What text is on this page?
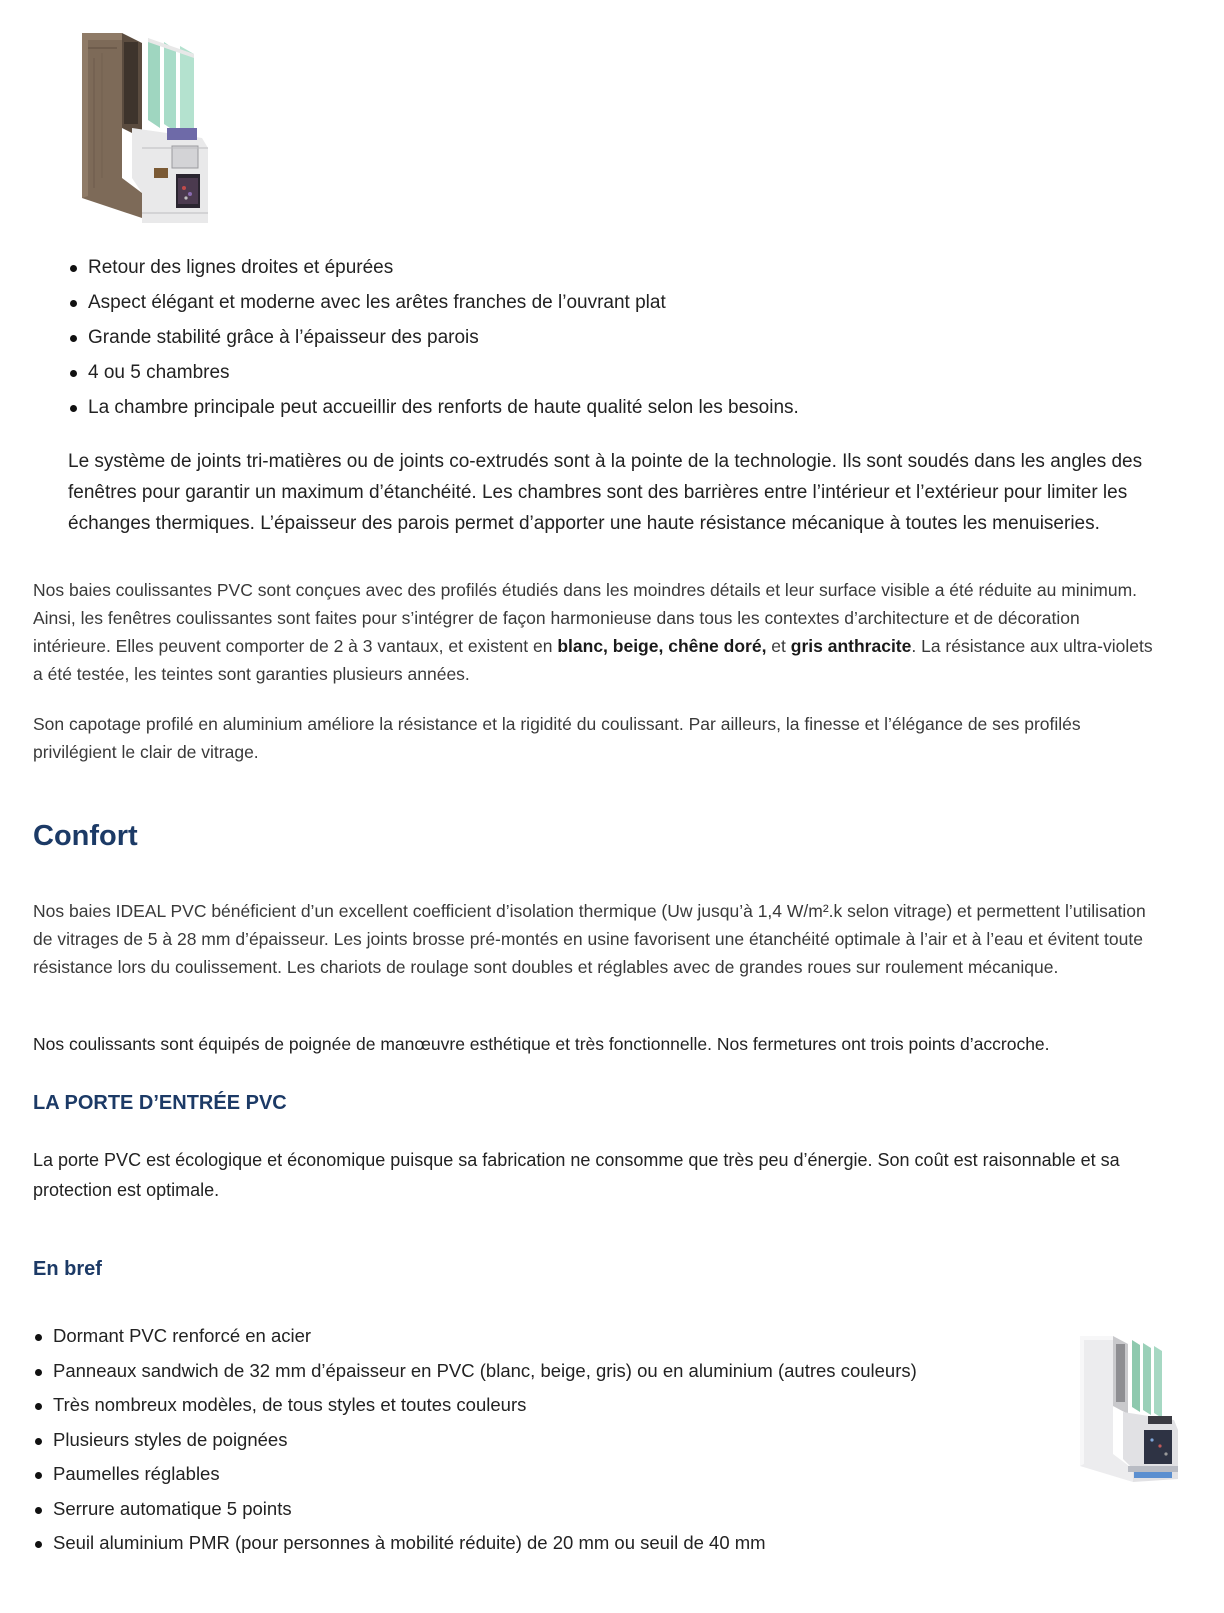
Retour des lignes droites et épurées
Aspect élégant et moderne avec les arêtes franches de l’ouvrant plat
Grande stabilité grâce à l’épaisseur des parois
4 ou 5 chambres
La chambre principale peut accueillir des renforts de haute qualité selon les besoins.

Le système de joints tri-matières ou de joints co-extrudés sont à la pointe de la technologie. Ils sont soudés dans les angles des fenêtres pour garantir un maximum d’étanchéité. Les chambres sont des barrières entre l’intérieur et l’extérieur pour limiter les échanges thermiques. L’épaisseur des parois permet d’apporter une haute résistance mécanique à toutes les menuiseries.

Nos baies coulissantes PVC sont conçues avec des profilés étudiés dans les moindres détails et leur surface visible a été réduite au minimum. Ainsi, les fenêtres coulissantes sont faites pour s’intégrer de façon harmonieuse dans tous les contextes d’architecture et de décoration intérieure. Elles peuvent comporter de 2 à 3 vantaux, et existent en blanc, beige, chêne doré, et gris anthracite. La résistance aux ultra-violets a été testée, les teintes sont garanties plusieurs années.

Son capotage profilé en aluminium améliore la résistance et la rigidité du coulissant. Par ailleurs, la finesse et l’élégance de ses profilés privilégient le clair de vitrage.

Confort

Nos baies IDEAL PVC bénéficient d’un excellent coefficient d’isolation thermique (Uw jusqu’à 1,4 W/m².k selon vitrage) et permettent l’utilisation de vitrages de 5 à 28 mm d’épaisseur. Les joints brosse pré-montés en usine favorisent une étanchéité optimale à l’air et à l’eau et évitent toute résistance lors du coulissement. Les chariots de roulage sont doubles et réglables avec de grandes roues sur roulement mécanique.

Nos coulissants sont équipés de poignée de manœuvre esthétique et très fonctionnelle. Nos fermetures ont trois points d’accroche.

LA PORTE D’ENTRÉE PVC

La porte PVC est écologique et économique puisque sa fabrication ne consomme que très peu d’énergie. Son coût est raisonnable et sa protection est optimale.

En bref
Dormant PVC renforcé en acier
Panneaux sandwich de 32 mm d’épaisseur en PVC (blanc, beige, gris) ou en aluminium (autres couleurs)
Très nombreux modèles, de tous styles et toutes couleurs
Plusieurs styles de poignées
Paumelles réglables
Serrure automatique 5 points
Seuil aluminium PMR (pour personnes à mobilité réduite) de 20 mm ou seuil de 40 mm
